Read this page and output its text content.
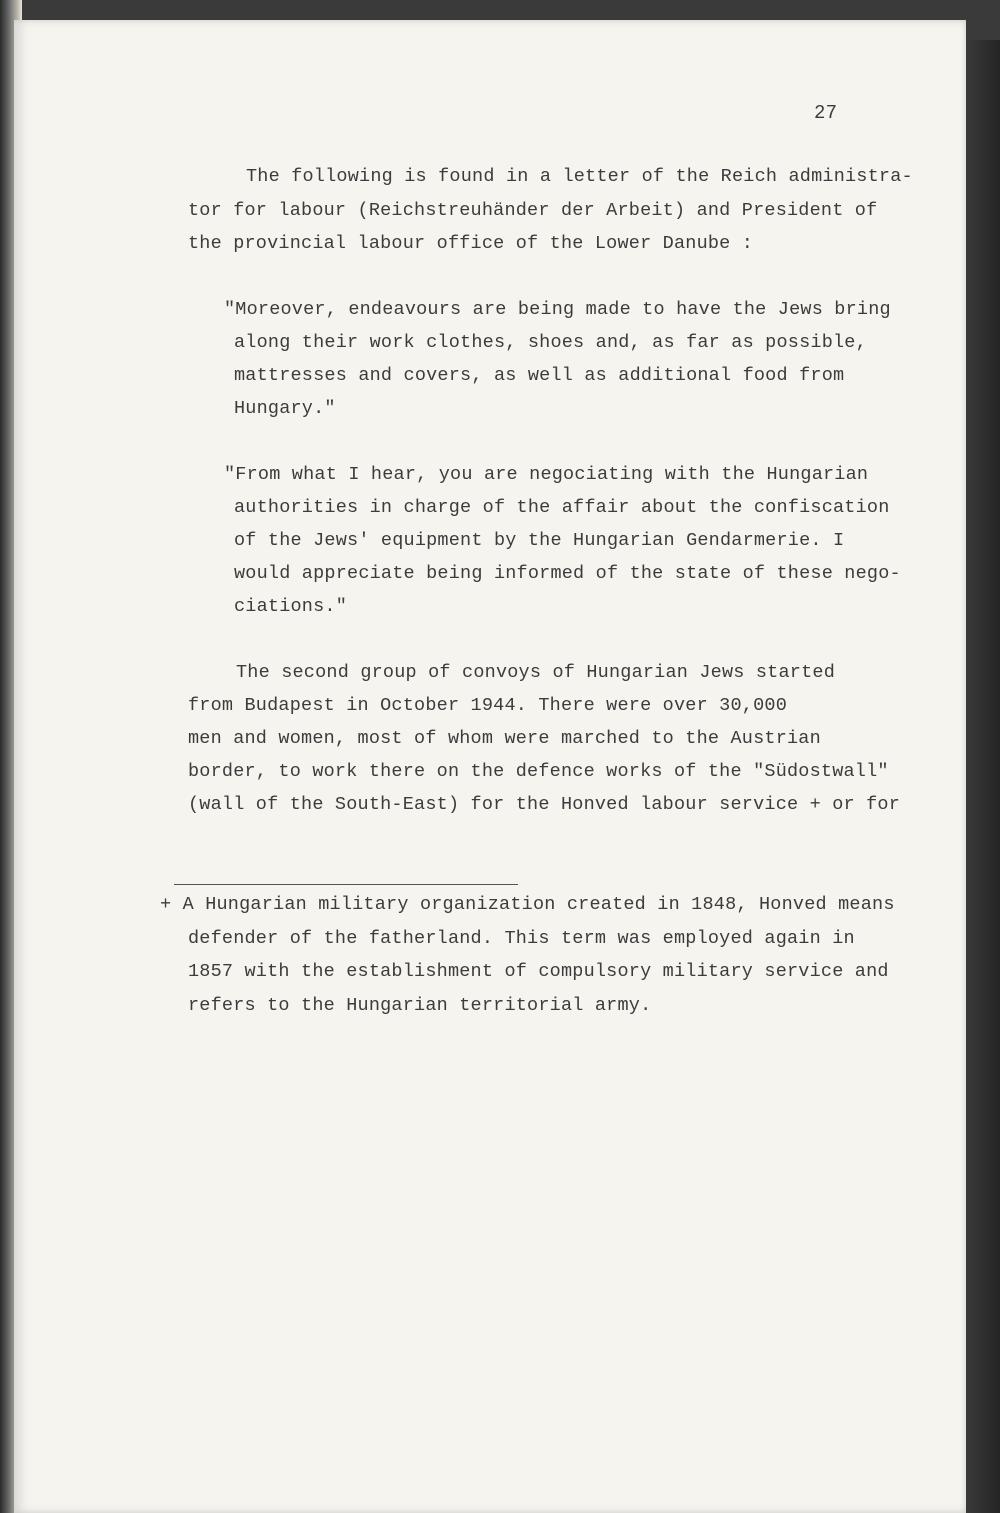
27
The following is found in a letter of the Reich administra-
tor for labour (Reichstreuhänder der Arbeit) and President of
the provincial labour office of the Lower Danube :
"Moreover, endeavours are being made to have the Jews bring
along their work clothes, shoes and, as far as possible,
mattresses and covers, as well as additional food from
Hungary."
"From what I hear, you are negociating with the Hungarian
authorities in charge of the affair about the confiscation
of the Jews' equipment by the Hungarian Gendarmerie. I
would appreciate being informed of the state of these nego-
ciations."
The second group of convoys of Hungarian Jews started
from Budapest in October 1944. There were over 30,000
men and women, most of whom were marched to the Austrian
border, to work there on the defence works of the "Südostwall"
(wall of the South-East) for the Honved labour service + or for
+ A Hungarian military organization created in 1848, Honved means
defender of the fatherland. This term was employed again in
1857 with the establishment of compulsory military service and
refers to the Hungarian territorial army.
